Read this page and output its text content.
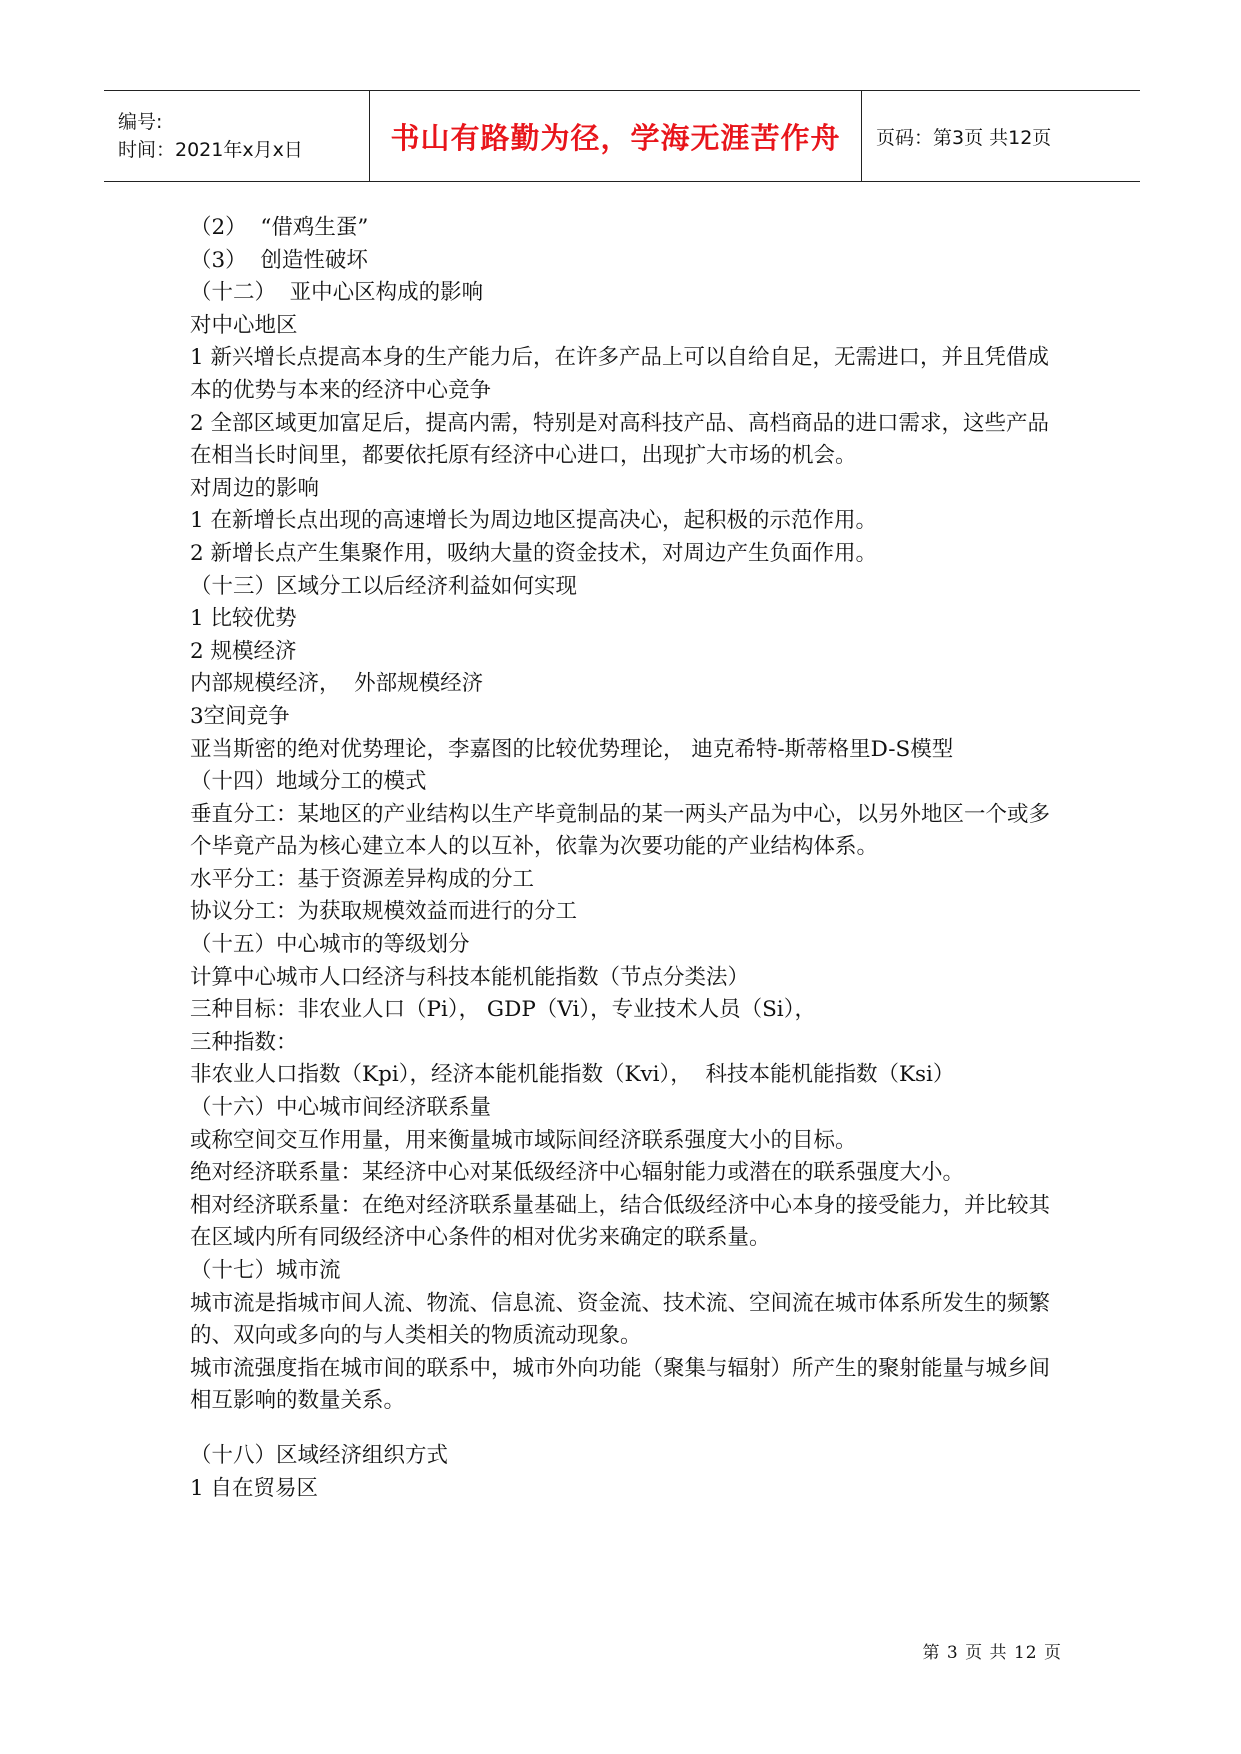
编号:
时间：2021年x月x日	书山有路勤为径，学海无涯苦作舟 页码：第3页 共12页

（2）  “借鸡生蛋”

（3）  创造性破坏

（十二）  亚中心区构成的影响

对中心地区

1 新兴增长点提高本身的生产能力后，在许多产品上可以自给自足，无需进口，并且凭借成本的优势与本来的经济中心竞争

2 全部区域更加富足后，提高内需，特别是对高科技产品、高档商品的进口需求，这些产品在相当长时间里，都要依托原有经济中心进口，出现扩大市场的机会。

对周边的影响

1 在新增长点出现的高速增长为周边地区提高决心，起积极的示范作用。

2 新增长点产生集聚作用，吸纳大量的资金技术，对周边产生负面作用。

（十三）区域分工以后经济利益如何实现

1 比较优势

2 规模经济

内部规模经济，  外部规模经济

3空间竞争

亚当斯密的绝对优势理论，李嘉图的比较优势理论， 迪克希特-斯蒂格里D-S模型

（十四）地域分工的模式

垂直分工：某地区的产业结构以生产毕竟制品的某一两头产品为中心，以另外地区一个或多个毕竟产品为核心建立本人的以互补，依靠为次要功能的产业结构体系。

水平分工：基于资源差异构成的分工

协议分工：为获取规模效益而进行的分工

（十五）中心城市的等级划分

计算中心城市人口经济与科技本能机能指数（节点分类法）

三种目标：非农业人口（Pi）， GDP（Vi），专业技术人员（Si），

三种指数：

非农业人口指数（Kpi），经济本能机能指数（Kvi），  科技本能机能指数（Ksi）

（十六）中心城市间经济联系量

或称空间交互作用量，用来衡量城市域际间经济联系强度大小的目标。

绝对经济联系量：某经济中心对某低级经济中心辐射能力或潜在的联系强度大小。

相对经济联系量：在绝对经济联系量基础上，结合低级经济中心本身的接受能力，并比较其在区域内所有同级经济中心条件的相对优劣来确定的联系量。

（十七）城市流

城市流是指城市间人流、物流、信息流、资金流、技术流、空间流在城市体系所发生的频繁的、双向或多向的与人类相关的物质流动现象。

城市流强度指在城市间的联系中，城市外向功能（聚集与辐射）所产生的聚射能量与城乡间相互影响的数量关系。

（十八）区域经济组织方式

1 自在贸易区

第 3 页 共 12 页
